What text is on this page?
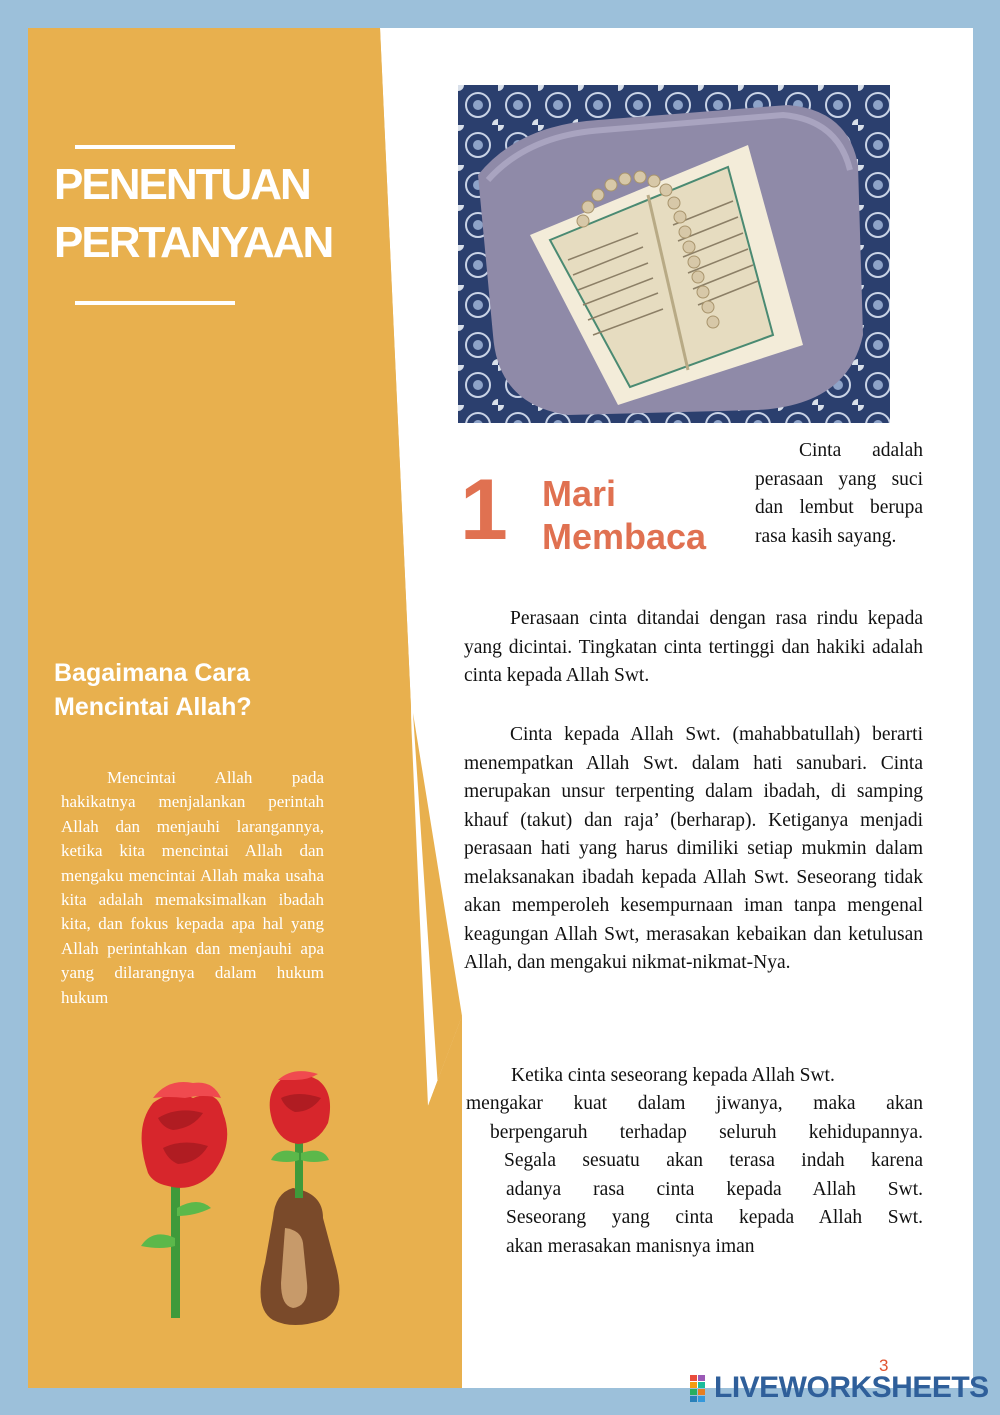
PENENTUAN
PERTANYAAN
Bagaimana Cara
Mencintai Allah?
Mencintai Allah pada hakikatnya menjalankan perintah Allah dan menjauhi larangannya, ketika kita mencintai Allah dan mengaku mencintai Allah maka usaha kita adalah memaksimalkan ibadah kita, dan fokus kepada apa hal yang Allah perintahkan dan menjauhi apa yang dilarangnya dalam hukum hukum
1 Mari
Membaca
Cinta adalah perasaan yang suci dan lembut berupa rasa kasih sayang.
Perasaan cinta ditandai dengan rasa rindu kepada yang dicintai. Tingkatan cinta tertinggi dan hakiki adalah cinta kepada Allah Swt.
Cinta kepada Allah Swt. (mahabbatullah) berarti menempatkan Allah Swt. dalam hati sanubari. Cinta merupakan unsur terpenting dalam ibadah, di samping khauf (takut) dan raja’ (berharap). Ketiganya menjadi perasaan hati yang harus dimiliki setiap mukmin dalam melaksanakan ibadah kepada Allah Swt. Seseorang tidak akan memperoleh kesempurnaan iman tanpa mengenal keagungan Allah Swt, merasakan kebaikan dan ketulusan Allah, dan mengakui nikmat-nikmat-Nya.
Ketika cinta seseorang kepada Allah Swt.
mengakar kuat dalam jiwanya, maka akan
berpengaruh terhadap seluruh kehidupannya.
Segala sesuatu akan terasa indah karena
adanya rasa cinta kepada Allah Swt.
Seseorang yang cinta kepada Allah Swt.
akan merasakan manisnya iman
3
LIVEWORKSHEETS
